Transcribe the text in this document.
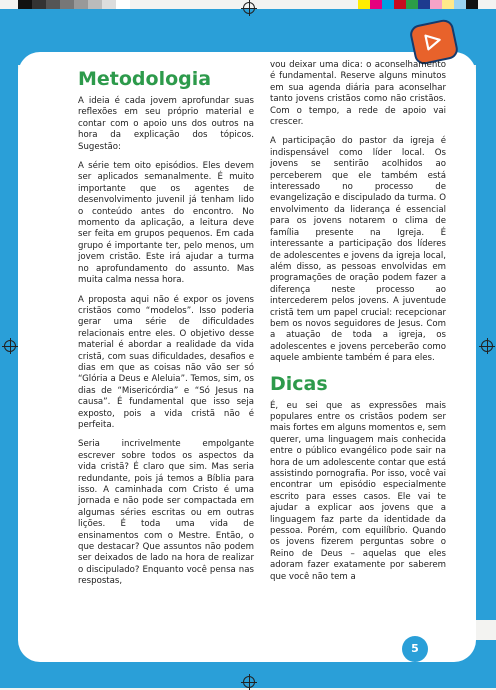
Metodologia

A ideia é cada jovem aprofundar suas reflexões em seu próprio material e contar com o apoio uns dos outros na hora da explicação dos tópicos. Sugestão:

A série tem oito episódios. Eles devem ser aplicados semanalmente. É muito importante que os agentes de desenvolvimento juvenil já tenham lido o conteúdo antes do encontro. No momento da aplicação, a leitura deve ser feita em grupos pequenos. Em cada grupo é importante ter, pelo menos, um jovem cristão. Este irá ajudar a turma no aprofundamento do assunto. Mas muita calma nessa hora.

A proposta aqui não é expor os jovens cristãos como “modelos”. Isso poderia gerar uma série de dificuldades relacionais entre eles. O objetivo desse material é abordar a realidade da vida cristã, com suas dificuldades, desafios e dias em que as coisas não vão ser só “Glória a Deus e Aleluia”. Temos, sim, os dias de “Misericórdia” e “Só Jesus na causa”. É fundamental que isso seja exposto, pois a vida cristã não é perfeita.

Seria incrivelmente empolgante escrever sobre todos os aspectos da vida cristã? É claro que sim. Mas seria redundante, pois já temos a Bíblia para isso. A caminhada com Cristo é uma jornada e não pode ser compactada em algumas séries escritas ou em outras lições. É toda uma vida de ensinamentos com o Mestre. Então, o que destacar? Que assuntos não podem ser deixados de lado na hora de realizar o discipulado? Enquanto você pensa nas respostas,

vou deixar uma dica: o aconselhamento é fundamental. Reserve alguns minutos em sua agenda diária para aconselhar tanto jovens cristãos como não cristãos. Com o tempo, a rede de apoio vai crescer.

A participação do pastor da igreja é indispensável como líder local. Os jovens se sentirão acolhidos ao perceberem que ele também está interessado no processo de evangelização e discipulado da turma. O envolvimento da liderança é essencial para os jovens notarem o clima de família presente na Igreja. É interessante a participação dos líderes de adolescentes e jovens da igreja local, além disso, as pessoas envolvidas em programações de oração podem fazer a diferença neste processo ao intercederem pelos jovens. A juventude cristã tem um papel crucial: recepcionar bem os novos seguidores de Jesus. Com a atuação de toda a igreja, os adolescentes e jovens perceberão como aquele ambiente também é para eles.

Dicas

É, eu sei que as expressões mais populares entre os cristãos podem ser mais fortes em alguns momentos e, sem querer, uma linguagem mais conhecida entre o público evangélico pode sair na hora de um adolescente contar que está assistindo pornografia. Por isso, você vai encontrar um episódio especialmente escrito para esses casos. Ele vai te ajudar a explicar aos jovens que a linguagem faz parte da identidade da pessoa. Porém, com equilíbrio. Quando os jovens fizerem perguntas sobre o Reino de Deus – aquelas que eles adoram fazer exatamente por saberem que você não tem a

5
